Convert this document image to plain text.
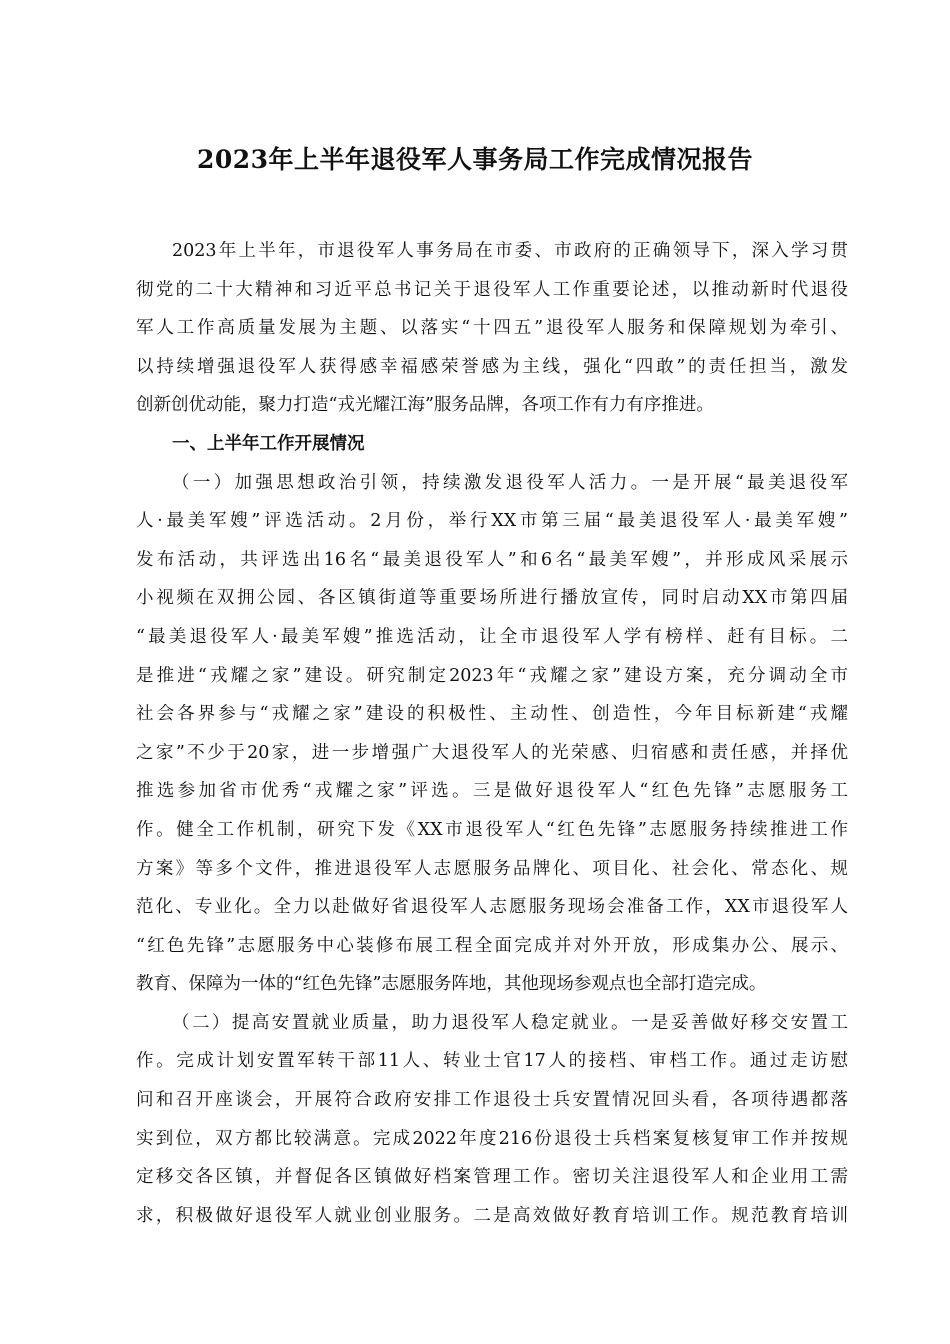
2023年上半年退役军人事务局工作完成情况报告
2023年上半年，市退役军人事务局在市委、市政府的正确领导下，深入学习贯
彻党的二十大精神和习近平总书记关于退役军人工作重要论述，以推动新时代退役
军人工作高质量发展为主题、以落实“十四五”退役军人服务和保障规划为牵引、
以持续增强退役军人获得感幸福感荣誉感为主线，强化“四敢”的责任担当，激发
创新创优动能，聚力打造“戎光耀江海”服务品牌，各项工作有力有序推进。
一、上半年工作开展情况
（一）加强思想政治引领，持续激发退役军人活力。一是开展“最美退役军
人·最美军嫂”评选活动。2月份，举行XX市第三届“最美退役军人·最美军嫂”
发布活动，共评选出16名“最美退役军人”和6名“最美军嫂”，并形成风采展示
小视频在双拥公园、各区镇街道等重要场所进行播放宣传，同时启动XX市第四届
“最美退役军人·最美军嫂”推选活动，让全市退役军人学有榜样、赶有目标。二
是推进“戎耀之家”建设。研究制定2023年“戎耀之家”建设方案，充分调动全市
社会各界参与“戎耀之家”建设的积极性、主动性、创造性，今年目标新建“戎耀
之家”不少于20家，进一步增强广大退役军人的光荣感、归宿感和责任感，并择优
推选参加省市优秀“戎耀之家”评选。三是做好退役军人“红色先锋”志愿服务工
作。健全工作机制，研究下发《XX市退役军人“红色先锋”志愿服务持续推进工作
方案》等多个文件，推进退役军人志愿服务品牌化、项目化、社会化、常态化、规
范化、专业化。全力以赴做好省退役军人志愿服务现场会准备工作，XX市退役军人
“红色先锋”志愿服务中心装修布展工程全面完成并对外开放，形成集办公、展示、
教育、保障为一体的“红色先锋”志愿服务阵地，其他现场参观点也全部打造完成。
（二）提高安置就业质量，助力退役军人稳定就业。一是妥善做好移交安置工
作。完成计划安置军转干部11人、转业士官17人的接档、审档工作。通过走访慰
问和召开座谈会，开展符合政府安排工作退役士兵安置情况回头看，各项待遇都落
实到位，双方都比较满意。完成2022年度216份退役士兵档案复核复审工作并按规
定移交各区镇，并督促各区镇做好档案管理工作。密切关注退役军人和企业用工需
求，积极做好退役军人就业创业服务。二是高效做好教育培训工作。规范教育培训
